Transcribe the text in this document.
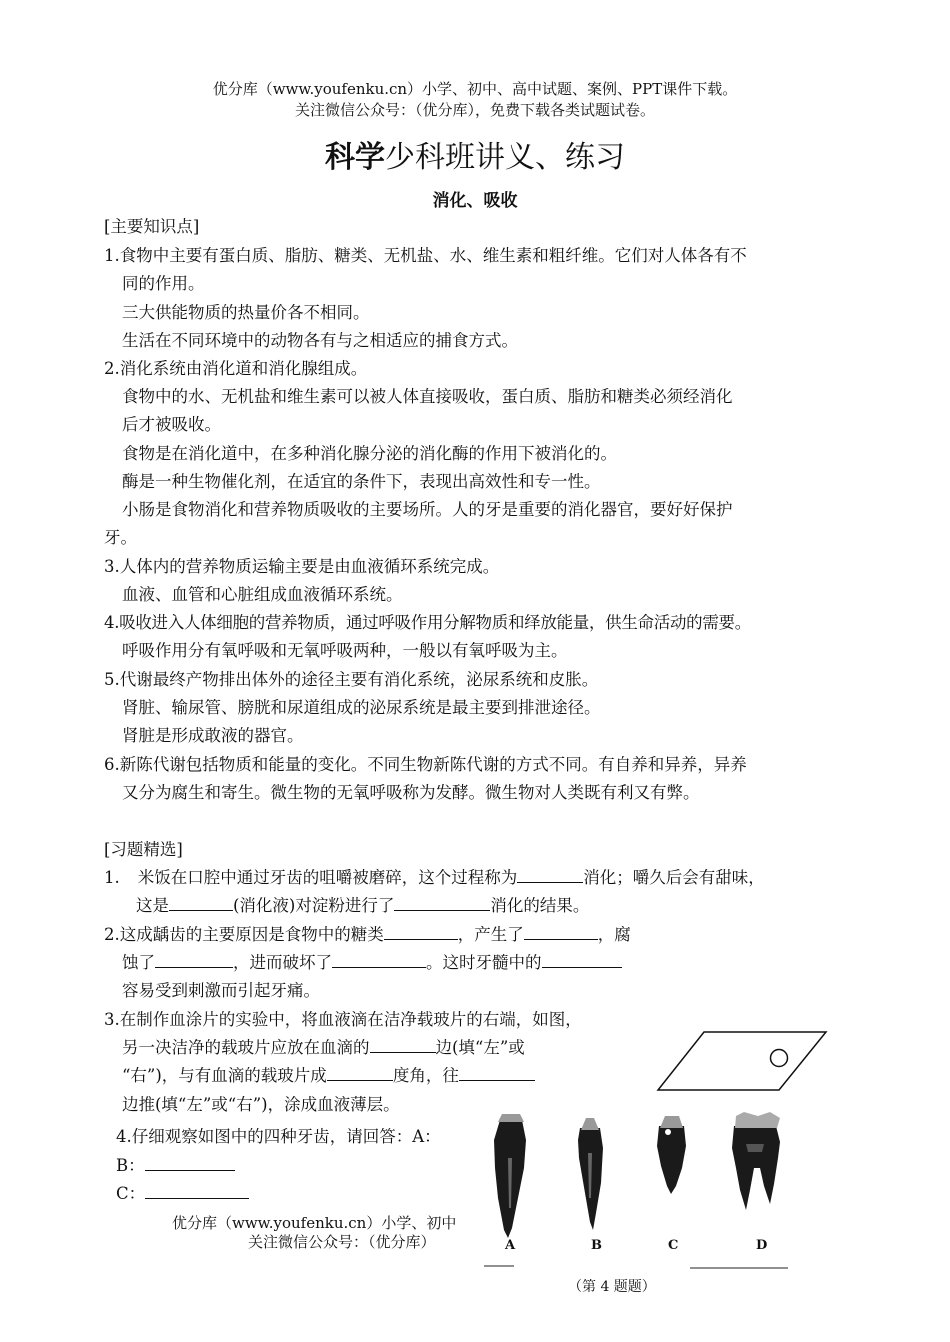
优分库（www.youfenku.cn）小学、初中、高中试题、案例、PPT课件下载。
关注微信公众号：（优分库），免费下载各类试题试卷。
科学少科班讲义、练习
消化、吸收
[主要知识点]
1.食物中主要有蛋白质、脂肪、糖类、无机盐、水、维生素和粗纤维。它们对人体各有不
同的作用。
三大供能物质的热量价各不相同。
生活在不同环境中的动物各有与之相适应的捕食方式。
2.消化系统由消化道和消化腺组成。
食物中的水、无机盐和维生素可以被人体直接吸收，蛋白质、脂肪和糖类必须经消化
后才被吸收。
食物是在消化道中，在多种消化腺分泌的消化酶的作用下被消化的。
酶是一种生物催化剂，在适宜的条件下，表现出高效性和专一性。
小肠是食物消化和营养物质吸收的主要场所。人的牙是重要的消化器官，要好好保护
牙。
3.人体内的营养物质运输主要是由血液循环系统完成。
血液、血管和心脏组成血液循环系统。
4.吸收进入人体细胞的营养物质，通过呼吸作用分解物质和绎放能量，供生命活动的需要。
呼吸作用分有氧呼吸和无氧呼吸两种，一般以有氧呼吸为主。
5.代谢最终产物排出体外的途径主要有消化系统，泌尿系统和皮胀。
肾脏、输尿管、膀胱和尿道组成的泌尿系统是最主要到排泄途径。
肾脏是形成敢液的器官。
6.新陈代谢包括物质和能量的变化。不同生物新陈代谢的方式不同。有自养和异养，异养
又分为腐生和寄生。微生物的无氧呼吸称为发酵。微生物对人类既有利又有弊。
[习题精选]
1. 米饭在口腔中通过牙齿的咀嚼被磨碎，这个过程称为	消化；嚼久后会有甜味，
这是	(消化液)对淀粉进行了	消化的结果。
2.这成龋齿的主要原因是食物中的糖类	，产生了	，腐
蚀了	，进而破坏了	。这时牙髓中的
容易受到刺激而引起牙痛。
3.在制作血涂片的实验中，将血液滴在洁净载玻片的右端，如图，
另一决洁净的载玻片应放在血滴的	边(填“左”或
“右”)，与有血滴的载玻片成	度角，往
边推(填“左”或“右”)，涂成血液薄层。
4.仔细观察如图中的四种牙齿，请回答：A：
B：
C：
优分库（www.youfenku.cn）小学、初中
关注微信公众号：（优分库）	A	B	C	D
（第 4 题题）
